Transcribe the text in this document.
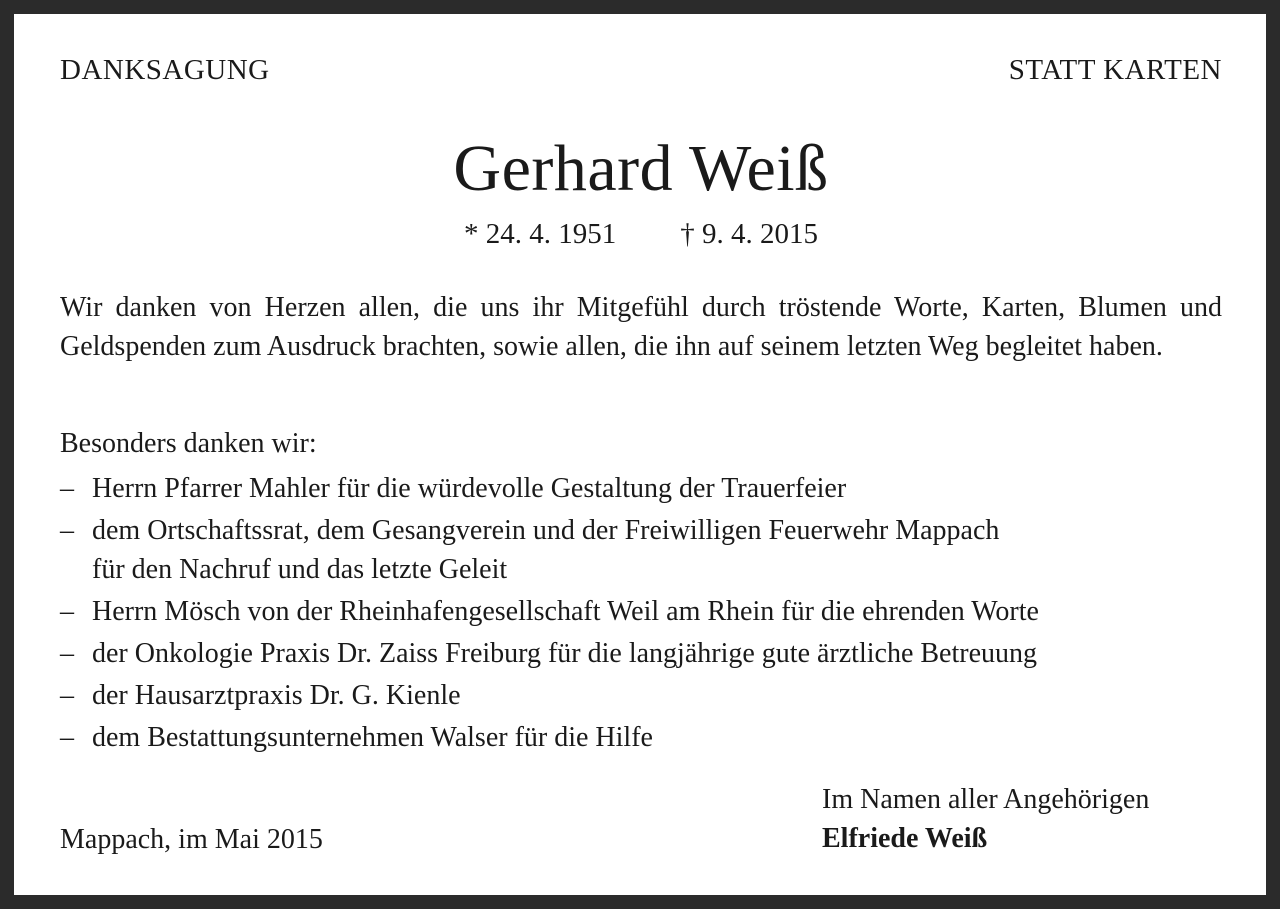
DANKSAGUNG	STATT KARTEN
Gerhard Weiß
* 24. 4. 1951 † 9. 4. 2015
Wir danken von Herzen allen, die uns ihr Mitgefühl durch tröstende Worte, Karten, Blumen und Geldspenden zum Ausdruck brachten, sowie allen, die ihn auf seinem letzten Weg begleitet haben.
Besonders danken wir:
– Herrn Pfarrer Mahler für die würdevolle Gestaltung der Trauerfeier
– dem Ortschaftssrat, dem Gesangverein und der Freiwilligen Feuerwehr Mappach
für den Nachruf und das letzte Geleit
– Herrn Mösch von der Rheinhafengesellschaft Weil am Rhein für die ehrenden Worte
– der Onkologie Praxis Dr. Zaiss Freiburg für die langjährige gute ärztliche Betreuung
– der Hausarztpraxis Dr. G. Kienle
– dem Bestattungsunternehmen Walser für die Hilfe
Mappach, im Mai 2015
Im Namen aller Angehörigen
Elfriede Weiß
